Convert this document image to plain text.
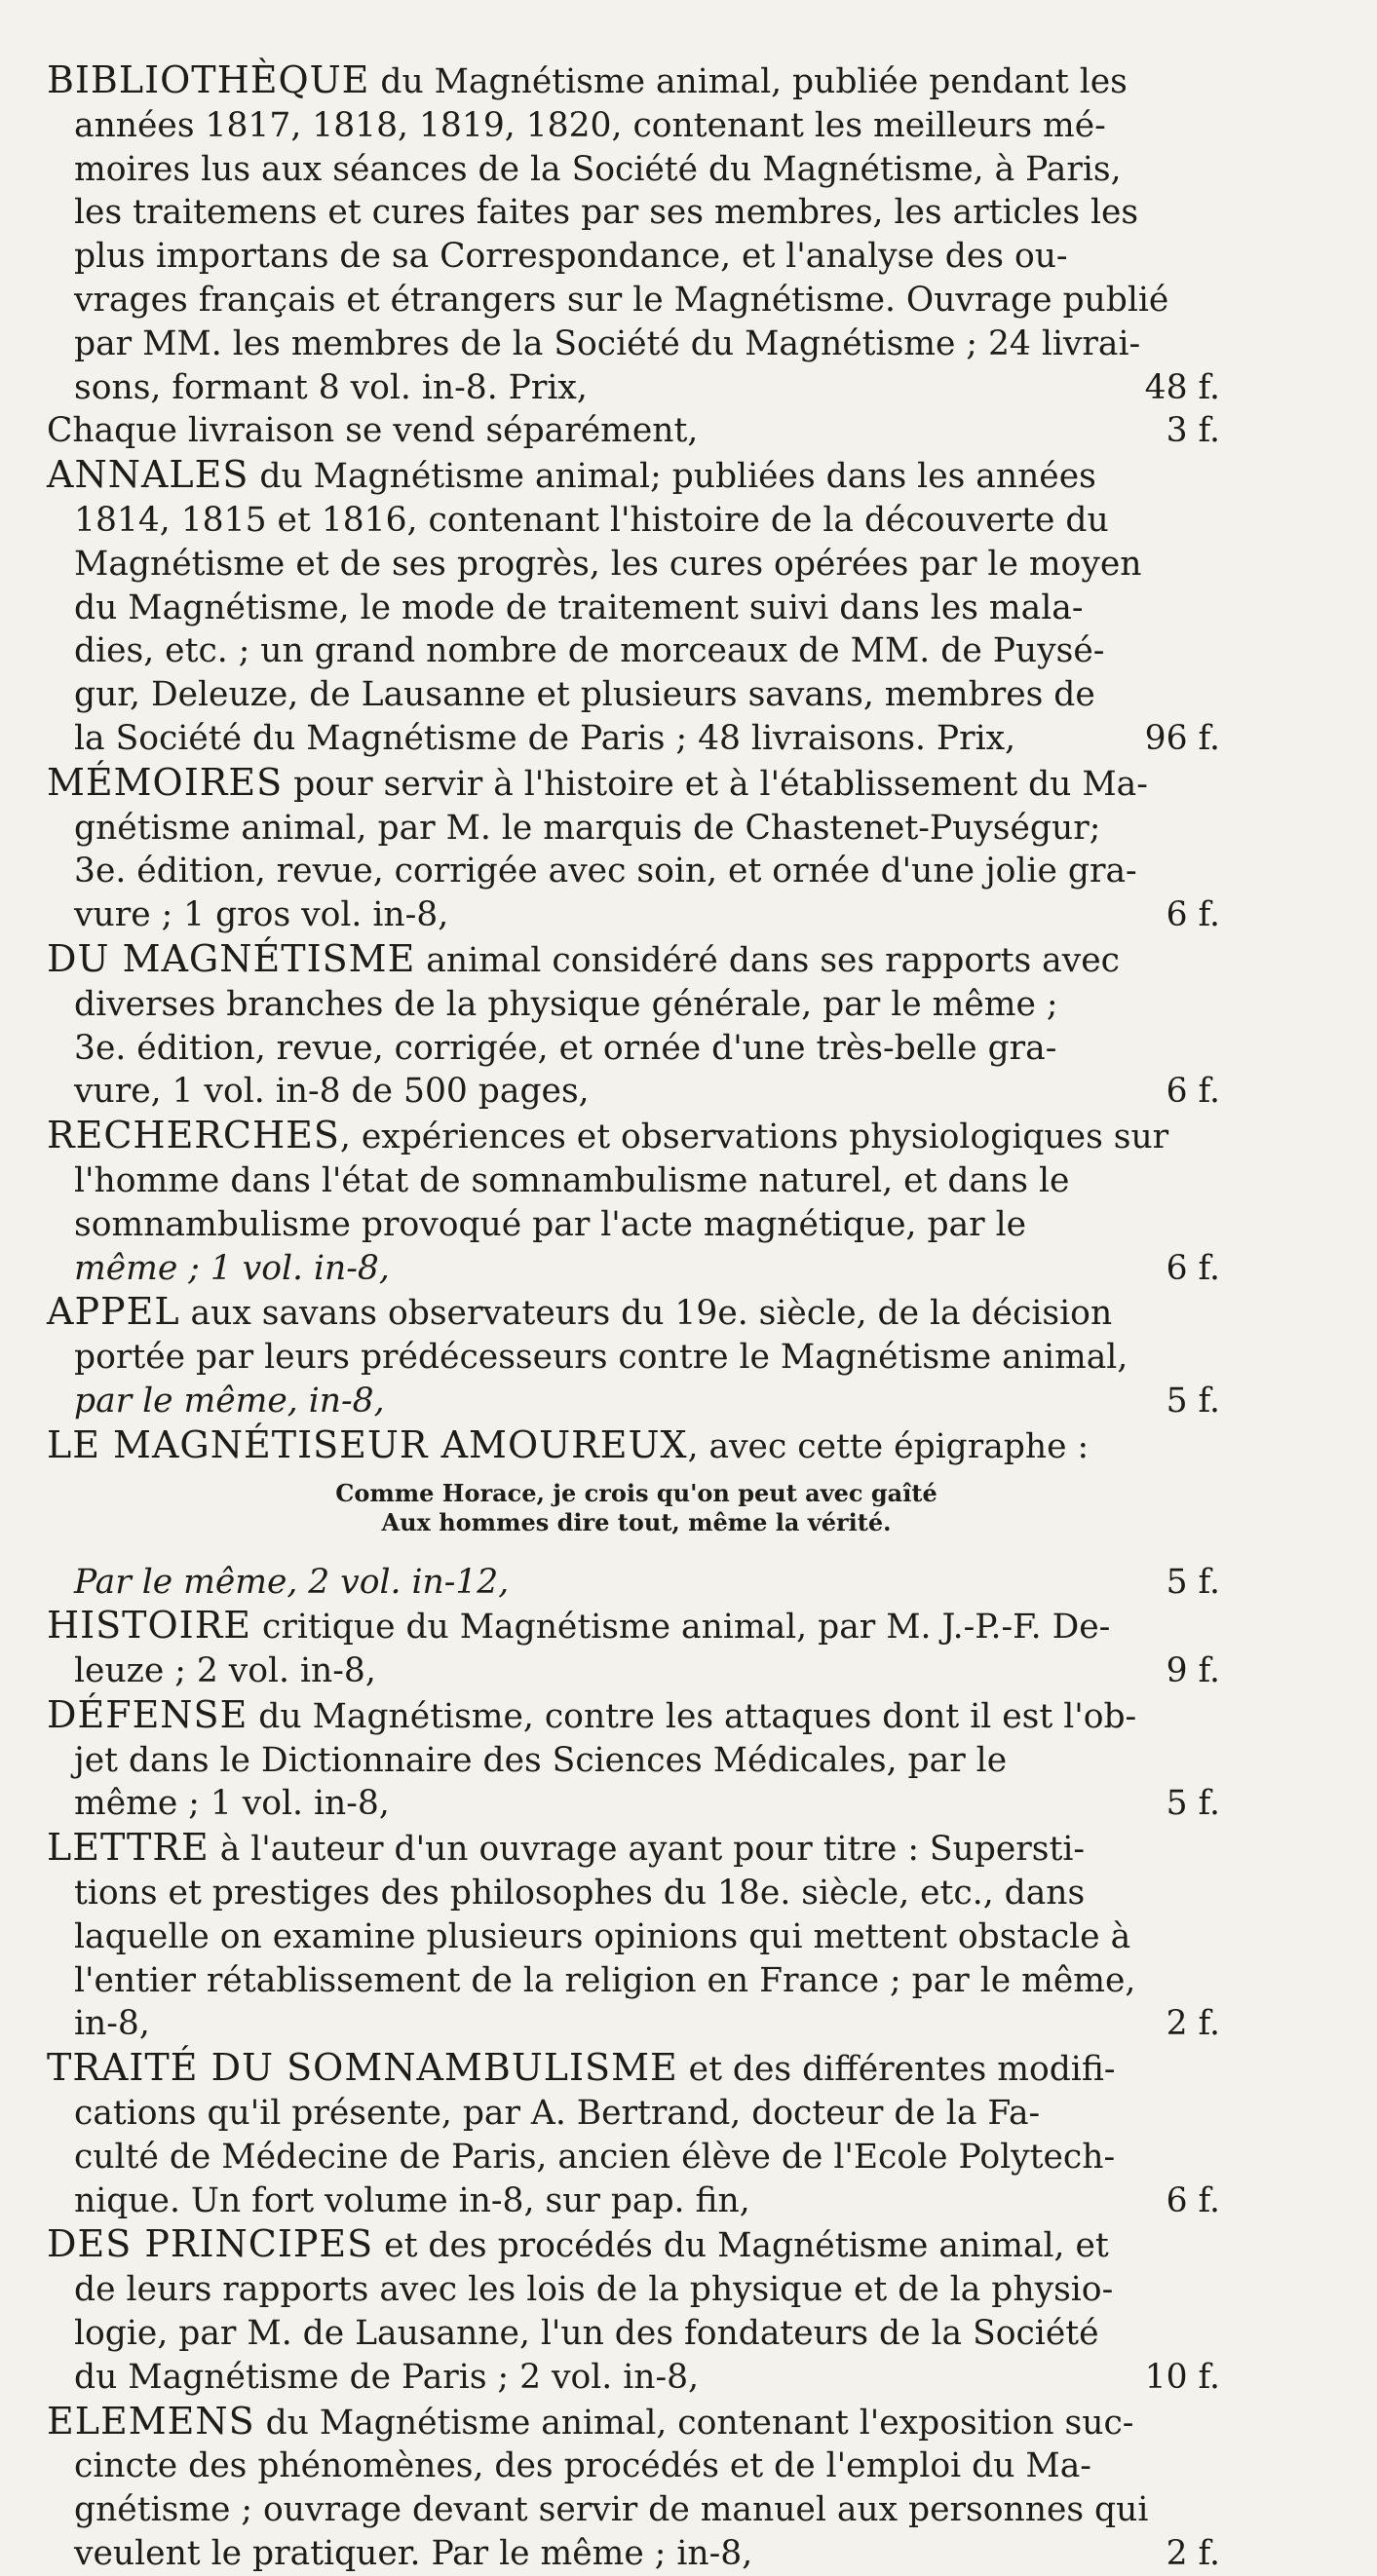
BIBLIOTHÈQUE du Magnétisme animal, publiée pendant les
années 1817, 1818, 1819, 1820, contenant les meilleurs mé-
moires lus aux séances de la Société du Magnétisme, à Paris,
les traitemens et cures faites par ses membres, les articles les
plus importans de sa Correspondance, et l'analyse des ou-
vrages français et étrangers sur le Magnétisme. Ouvrage publié
par MM. les membres de la Société du Magnétisme ; 24 livrai-
sons, formant 8 vol. in-8. Prix,	48 f.
Chaque livraison se vend séparément,	3 f.
ANNALES du Magnétisme animal; publiées dans les années
1814, 1815 et 1816, contenant l'histoire de la découverte du
Magnétisme et de ses progrès, les cures opérées par le moyen
du Magnétisme, le mode de traitement suivi dans les mala-
dies, etc. ; un grand nombre de morceaux de MM. de Puysé-
gur, Deleuze, de Lausanne et plusieurs savans, membres de
la Société du Magnétisme de Paris ; 48 livraisons. Prix,	96 f.
MÉMOIRES pour servir à l'histoire et à l'établissement du Ma-
gnétisme animal, par M. le marquis de Chastenet-Puységur;
3e. édition, revue, corrigée avec soin, et ornée d'une jolie gra-
vure ; 1 gros vol. in-8,	6 f.
DU MAGNÉTISME animal considéré dans ses rapports avec
diverses branches de la physique générale, par le même ;
3e. édition, revue, corrigée, et ornée d'une très-belle gra-
vure, 1 vol. in-8 de 500 pages,	6 f.
RECHERCHES, expériences et observations physiologiques sur
l'homme dans l'état de somnambulisme naturel, et dans le
somnambulisme provoqué par l'acte magnétique, par le
même ; 1 vol. in-8,	6 f.
APPEL aux savans observateurs du 19e. siècle, de la décision
portée par leurs prédécesseurs contre le Magnétisme animal,
par le même, in-8,	5 f.
LE MAGNÉTISEUR AMOUREUX, avec cette épigraphe :
Comme Horace, je crois qu'on peut avec gaîté
Aux hommes dire tout, même la vérité.
Par le même, 2 vol. in-12,	5 f.
HISTOIRE critique du Magnétisme animal, par M. J.-P.-F. De-
leuze ; 2 vol. in-8,	9 f.
DÉFENSE du Magnétisme, contre les attaques dont il est l'ob-
jet dans le Dictionnaire des Sciences Médicales, par le
même ; 1 vol. in-8,	5 f.
LETTRE à l'auteur d'un ouvrage ayant pour titre : Supersti-
tions et prestiges des philosophes du 18e. siècle, etc., dans
laquelle on examine plusieurs opinions qui mettent obstacle à
l'entier rétablissement de la religion en France ; par le même,
in-8,	2 f.
TRAITÉ DU SOMNAMBULISME et des différentes modifi-
cations qu'il présente, par A. Bertrand, docteur de la Fa-
culté de Médecine de Paris, ancien élève de l'Ecole Polytech-
nique. Un fort volume in-8, sur pap. fin,	6 f.
DES PRINCIPES et des procédés du Magnétisme animal, et
de leurs rapports avec les lois de la physique et de la physio-
logie, par M. de Lausanne, l'un des fondateurs de la Société
du Magnétisme de Paris ; 2 vol. in-8,	10 f.
ELEMENS du Magnétisme animal, contenant l'exposition suc-
cincte des phénomènes, des procédés et de l'emploi du Ma-
gnétisme ; ouvrage devant servir de manuel aux personnes qui
veulent le pratiquer. Par le même ; in-8,	2 f.
